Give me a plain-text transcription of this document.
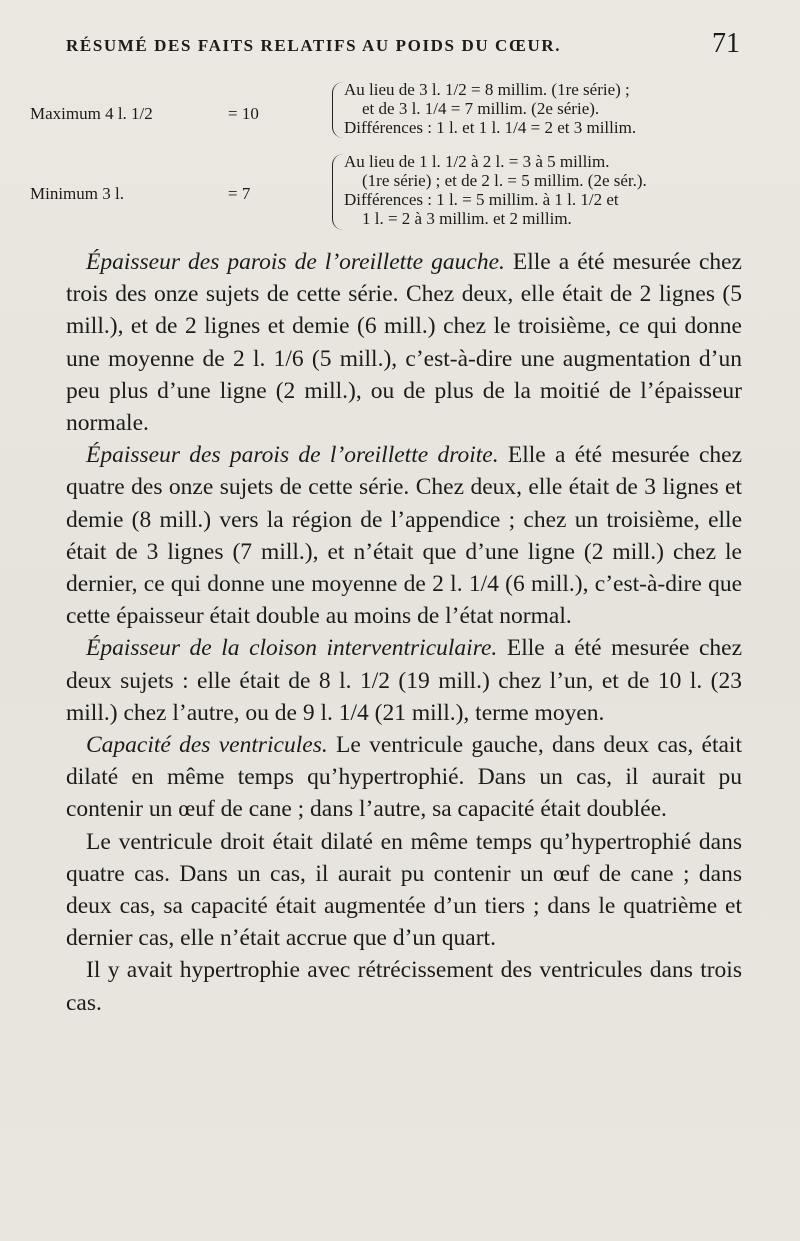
RÉSUMÉ DES FAITS RELATIFS AU POIDS DU CŒUR.	71
Maximum 4 l. 1/2	= 10
Au lieu de 3 l. 1/2 = 8 millim. (1re série) ;
et de 3 l. 1/4 = 7 millim. (2e série).
Différences : 1 l. et 1 l. 1/4 = 2 et 3 millim.
Minimum 3 l.	= 7
Au lieu de 1 l. 1/2 à 2 l. = 3 à 5 millim.
(1re série) ; et de 2 l. = 5 millim. (2e sér.).
Différences : 1 l. = 5 millim. à 1 l. 1/2 et
1 l. = 2 à 3 millim. et 2 millim.

Épaisseur des parois de l’oreillette gauche. Elle a été mesurée chez trois des onze sujets de cette série. Chez deux, elle était de 2 lignes (5 mill.), et de 2 lignes et demie (6 mill.) chez le troisième, ce qui donne une moyenne de 2 l. 1/6 (5 mill.), c’est-à-dire une augmentation d’un peu plus d’une ligne (2 mill.), ou de plus de la moitié de l’épaisseur normale.

Épaisseur des parois de l’oreillette droite. Elle a été mesurée chez quatre des onze sujets de cette série. Chez deux, elle était de 3 lignes et demie (8 mill.) vers la région de l’appendice ; chez un troisième, elle était de 3 lignes (7 mill.), et n’était que d’une ligne (2 mill.) chez le dernier, ce qui donne une moyenne de 2 l. 1/4 (6 mill.), c’est-à-dire que cette épaisseur était double au moins de l’état normal.

Épaisseur de la cloison interventriculaire. Elle a été mesurée chez deux sujets : elle était de 8 l. 1/2 (19 mill.) chez l’un, et de 10 l. (23 mill.) chez l’autre, ou de 9 l. 1/4 (21 mill.), terme moyen.

Capacité des ventricules. Le ventricule gauche, dans deux cas, était dilaté en même temps qu’hypertrophié. Dans un cas, il aurait pu contenir un œuf de cane ; dans l’autre, sa capacité était doublée.

Le ventricule droit était dilaté en même temps qu’hypertrophié dans quatre cas. Dans un cas, il aurait pu contenir un œuf de cane ; dans deux cas, sa capacité était augmentée d’un tiers ; dans le quatrième et dernier cas, elle n’était accrue que d’un quart.

Il y avait hypertrophie avec rétrécissement des ventricules dans trois cas.
